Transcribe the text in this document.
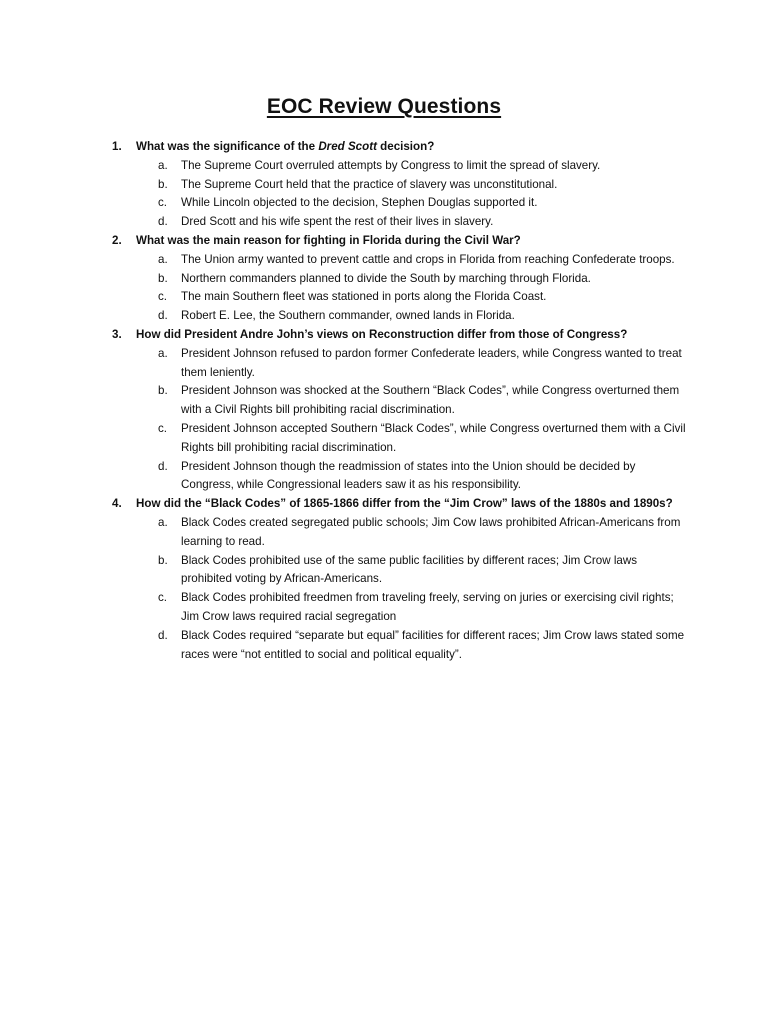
EOC Review Questions
1.	What was the significance of the Dred Scott decision?
a.	The Supreme Court overruled attempts by Congress to limit the spread of slavery.
b.	The Supreme Court held that the practice of slavery was unconstitutional.
c.	While Lincoln objected to the decision, Stephen Douglas supported it.
d.	Dred Scott and his wife spent the rest of their lives in slavery.
2.	What was the main reason for fighting in Florida during the Civil War?
a.	The Union army wanted to prevent cattle and crops in Florida from reaching Confederate troops.
b.	Northern commanders planned to divide the South by marching through Florida.
c.	The main Southern fleet was stationed in ports along the Florida Coast.
d.	Robert E. Lee, the Southern commander, owned lands in Florida.
3.	How did President Andre John’s views on Reconstruction differ from those of Congress?
a.	President Johnson refused to pardon former Confederate leaders, while Congress wanted to treat them leniently.
b.	President Johnson was shocked at the Southern “Black Codes”, while Congress overturned them with a Civil Rights bill prohibiting racial discrimination.
c.	President Johnson accepted Southern “Black Codes”, while Congress overturned them with a Civil Rights bill prohibiting racial discrimination.
d.	President Johnson though the readmission of states into the Union should be decided by Congress, while Congressional leaders saw it as his responsibility.
4.	How did the “Black Codes” of 1865-1866 differ from the “Jim Crow” laws of the 1880s and 1890s?
a.	Black Codes created segregated public schools; Jim Cow laws prohibited African-Americans from learning to read.
b.	Black Codes prohibited use of the same public facilities by different races; Jim Crow laws prohibited voting by African-Americans.
c.	Black Codes prohibited freedmen from traveling freely, serving on juries or exercising civil rights; Jim Crow laws required racial segregation
d.	Black Codes required “separate but equal” facilities for different races; Jim Crow laws stated some races were “not entitled to social and political equality”.
